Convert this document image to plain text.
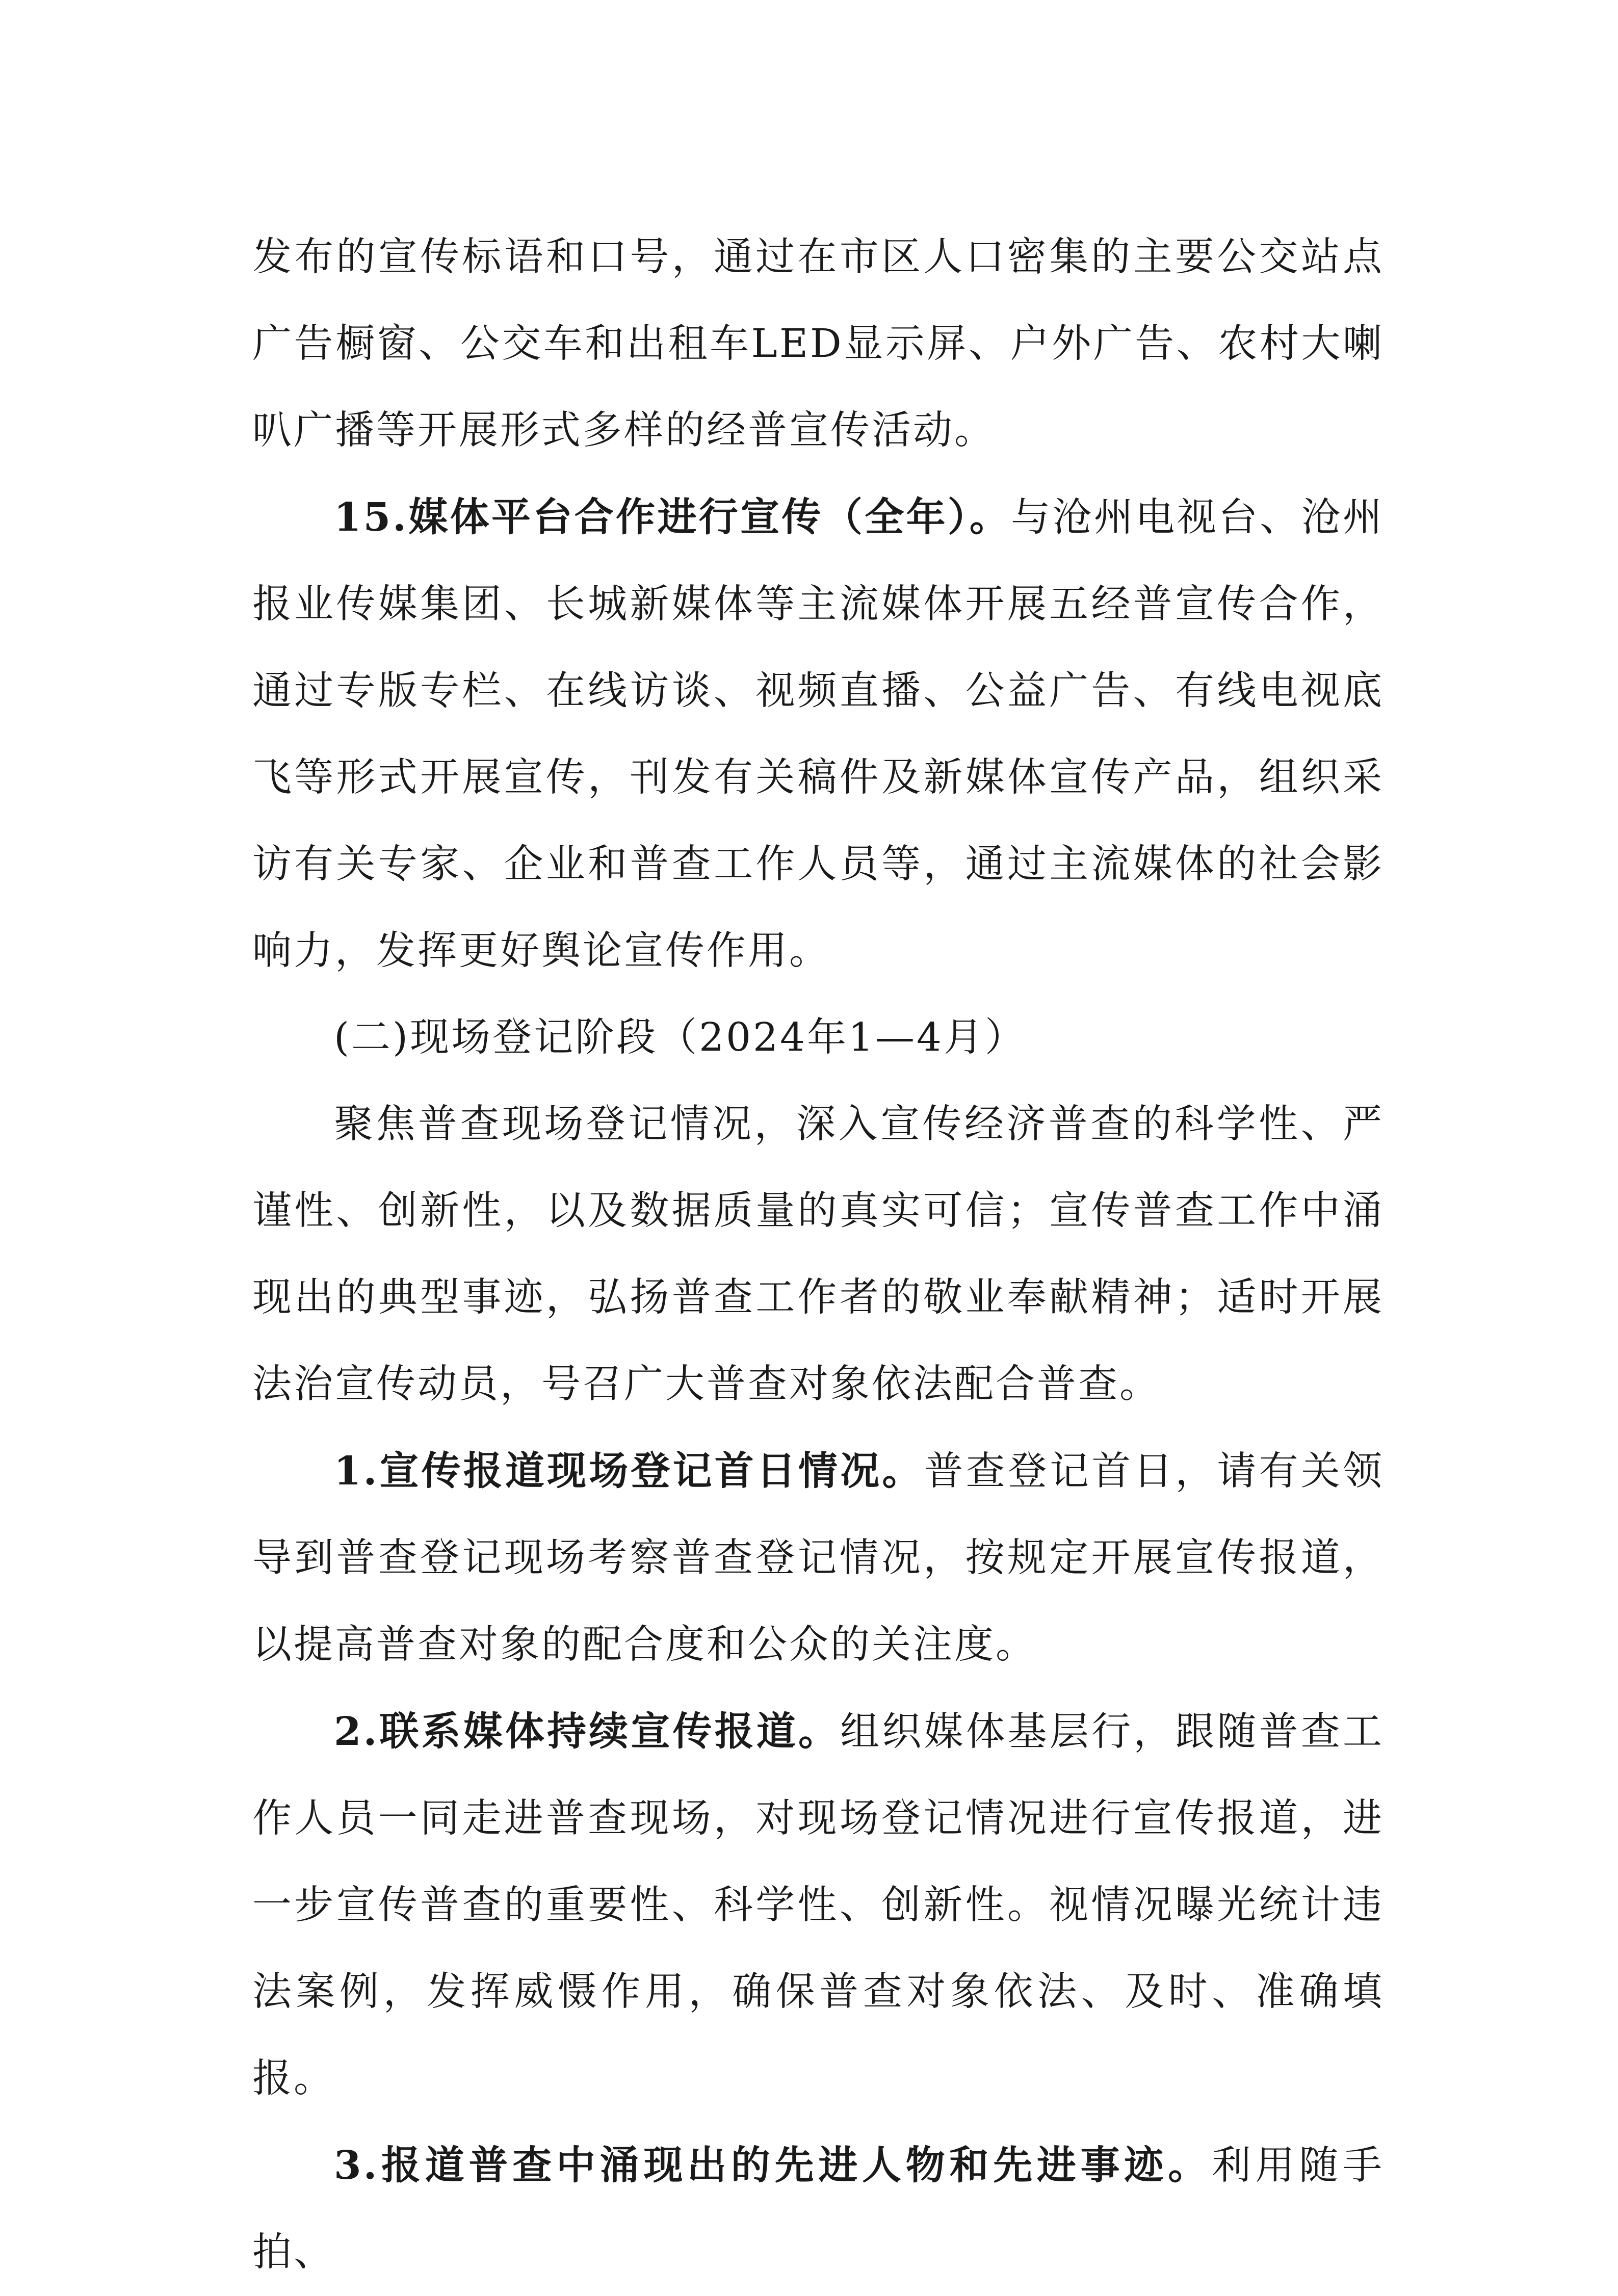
发布的宣传标语和口号，通过在市区人口密集的主要公交站点广告橱窗、公交车和出租车LED显示屏、户外广告、农村大喇叭广播等开展形式多样的经普宣传活动。

15.媒体平台合作进行宣传（全年）。与沧州电视台、沧州报业传媒集团、长城新媒体等主流媒体开展五经普宣传合作，通过专版专栏、在线访谈、视频直播、公益广告、有线电视底飞等形式开展宣传，刊发有关稿件及新媒体宣传产品，组织采访有关专家、企业和普查工作人员等，通过主流媒体的社会影响力，发挥更好舆论宣传作用。

(二)现场登记阶段（2024年1—4月）

聚焦普查现场登记情况，深入宣传经济普查的科学性、严谨性、创新性，以及数据质量的真实可信；宣传普查工作中涌现出的典型事迹，弘扬普查工作者的敬业奉献精神；适时开展法治宣传动员，号召广大普查对象依法配合普查。

1.宣传报道现场登记首日情况。普查登记首日，请有关领导到普查登记现场考察普查登记情况，按规定开展宣传报道，以提高普查对象的配合度和公众的关注度。

2.联系媒体持续宣传报道。组织媒体基层行，跟随普查工作人员一同走进普查现场，对现场登记情况进行宣传报道，进一步宣传普查的重要性、科学性、创新性。视情况曝光统计违法案例，发挥威慑作用，确保普查对象依法、及时、准确填报。

3.报道普查中涌现出的先进人物和先进事迹。利用随手拍、
